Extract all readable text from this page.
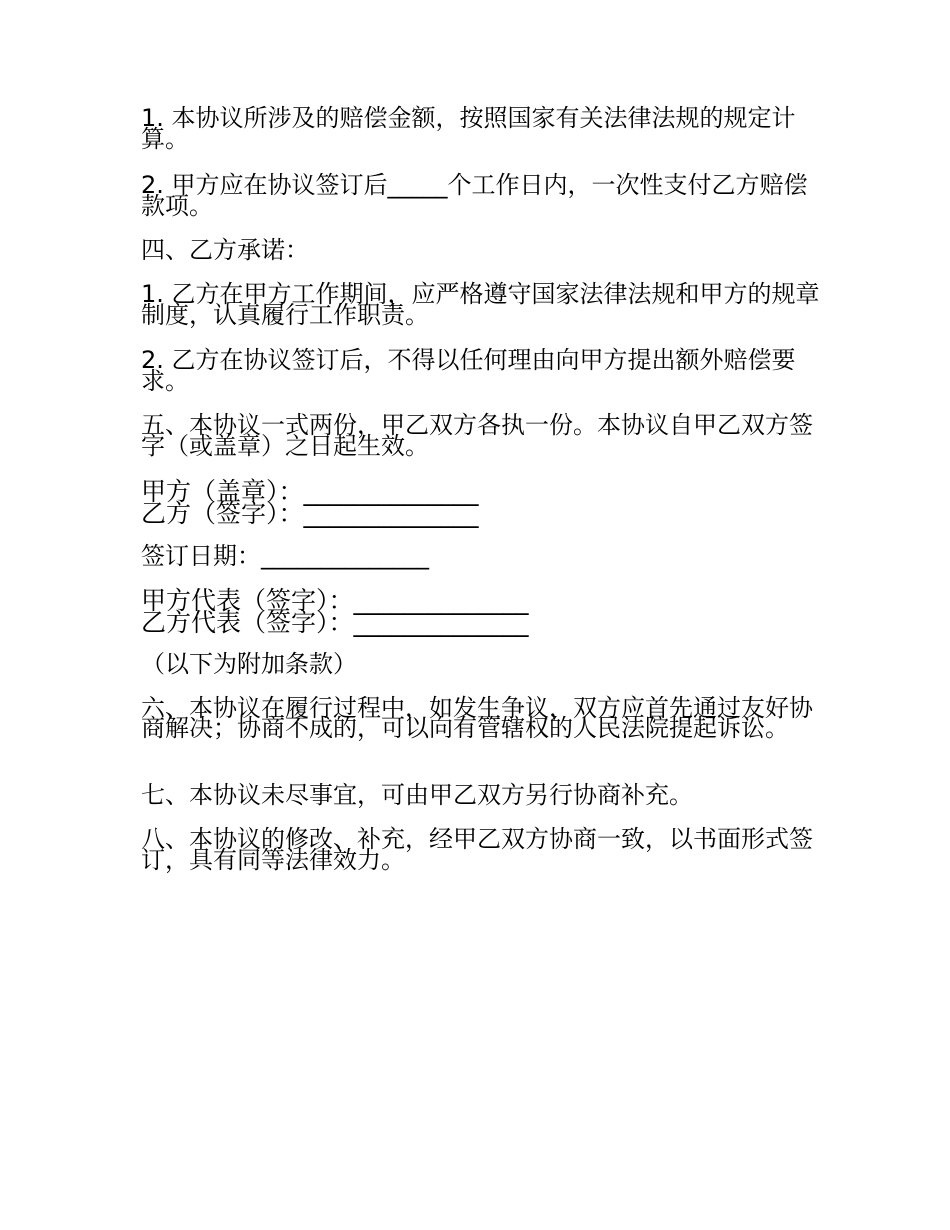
1. 本协议所涉及的赔偿金额，按照国家有关法律法规的规定计算。

2. 甲方应在协议签订后_____个工作日内，一次性支付乙方赔偿款项。

四、乙方承诺：

1. 乙方在甲方工作期间，应严格遵守国家法律法规和甲方的规章制度，认真履行工作职责。

2. 乙方在协议签订后，不得以任何理由向甲方提出额外赔偿要求。

五、本协议一式两份，甲乙双方各执一份。本协议自甲乙双方签字（或盖章）之日起生效。

甲方（盖章）：______________
乙方（签字）：______________

签订日期：______________

甲方代表（签字）：______________
乙方代表（签字）：______________

（以下为附加条款）

六、本协议在履行过程中，如发生争议，双方应首先通过友好协商解决；协商不成的，可以向有管辖权的人民法院提起诉讼。

七、本协议未尽事宜，可由甲乙双方另行协商补充。

八、本协议的修改、补充，经甲乙双方协商一致，以书面形式签订，具有同等法律效力。
